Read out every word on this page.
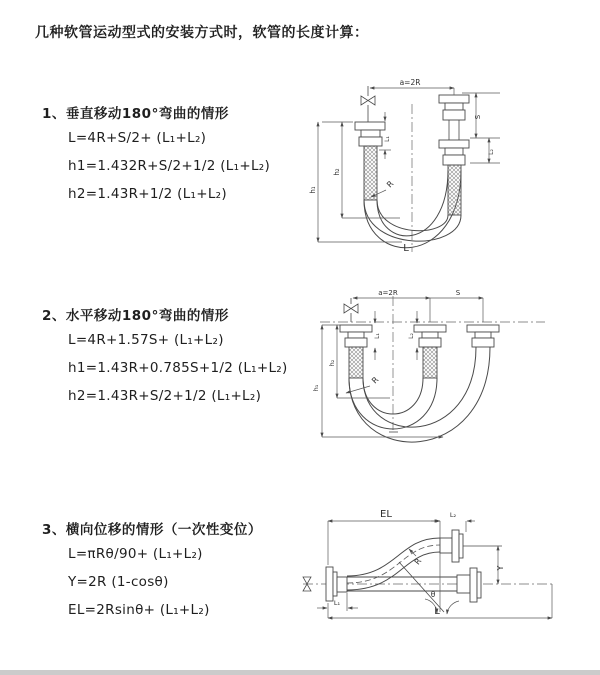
几种软管运动型式的安装方式时，软管的长度计算：
1、垂直移动180°弯曲的情形
L=4R+S/2+ (L₁+L₂)
h1=1.432R+S/2+1/2 (L₁+L₂)
h2=1.43R+1/2 (L₁+L₂)
2、水平移动180°弯曲的情形
L=4R+1.57S+ (L₁+L₂)
h1=1.43R+0.785S+1/2 (L₁+L₂)
h2=1.43R+S/2+1/2 (L₁+L₂)
3、横向位移的情形（一次性变位）
L=πRθ/90+ (L₁+L₂)
Y=2R (1-cosθ)
EL=2Rsinθ+ (L₁+L₂)
a=2R
h₁
h₂
L₁
S
L₂
R
L
a=2R	S
h₁
h₂
L₁	L₂
R
EL	L₂
Y
R
θ
L₁
L
